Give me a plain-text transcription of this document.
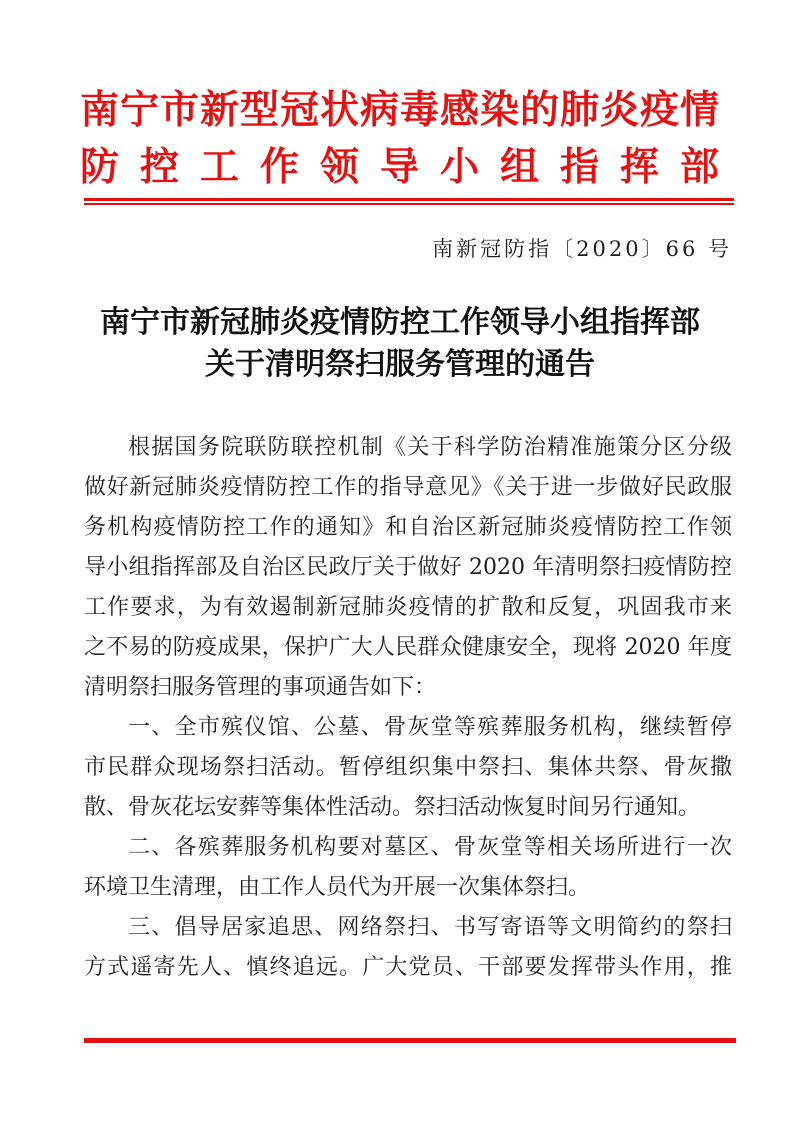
南宁市新型冠状病毒感染的肺炎疫情
防控工作领导小组指挥部
南新冠防指〔2020〕66 号
南宁市新冠肺炎疫情防控工作领导小组指挥部
关于清明祭扫服务管理的通告
根据国务院联防联控机制《关于科学防治精准施策分区分级
做好新冠肺炎疫情防控工作的指导意见》《关于进一步做好民政服
务机构疫情防控工作的通知》和自治区新冠肺炎疫情防控工作领
导小组指挥部及自治区民政厅关于做好 2020 年清明祭扫疫情防控
工作要求，为有效遏制新冠肺炎疫情的扩散和反复，巩固我市来
之不易的防疫成果，保护广大人民群众健康安全，现将 2020 年度
清明祭扫服务管理的事项通告如下：
一、全市殡仪馆、公墓、骨灰堂等殡葬服务机构，继续暂停
市民群众现场祭扫活动。暂停组织集中祭扫、集体共祭、骨灰撒
散、骨灰花坛安葬等集体性活动。祭扫活动恢复时间另行通知。
二、各殡葬服务机构要对墓区、骨灰堂等相关场所进行一次
环境卫生清理，由工作人员代为开展一次集体祭扫。
三、倡导居家追思、网络祭扫、书写寄语等文明简约的祭扫
方式遥寄先人、慎终追远。广大党员、干部要发挥带头作用，推
